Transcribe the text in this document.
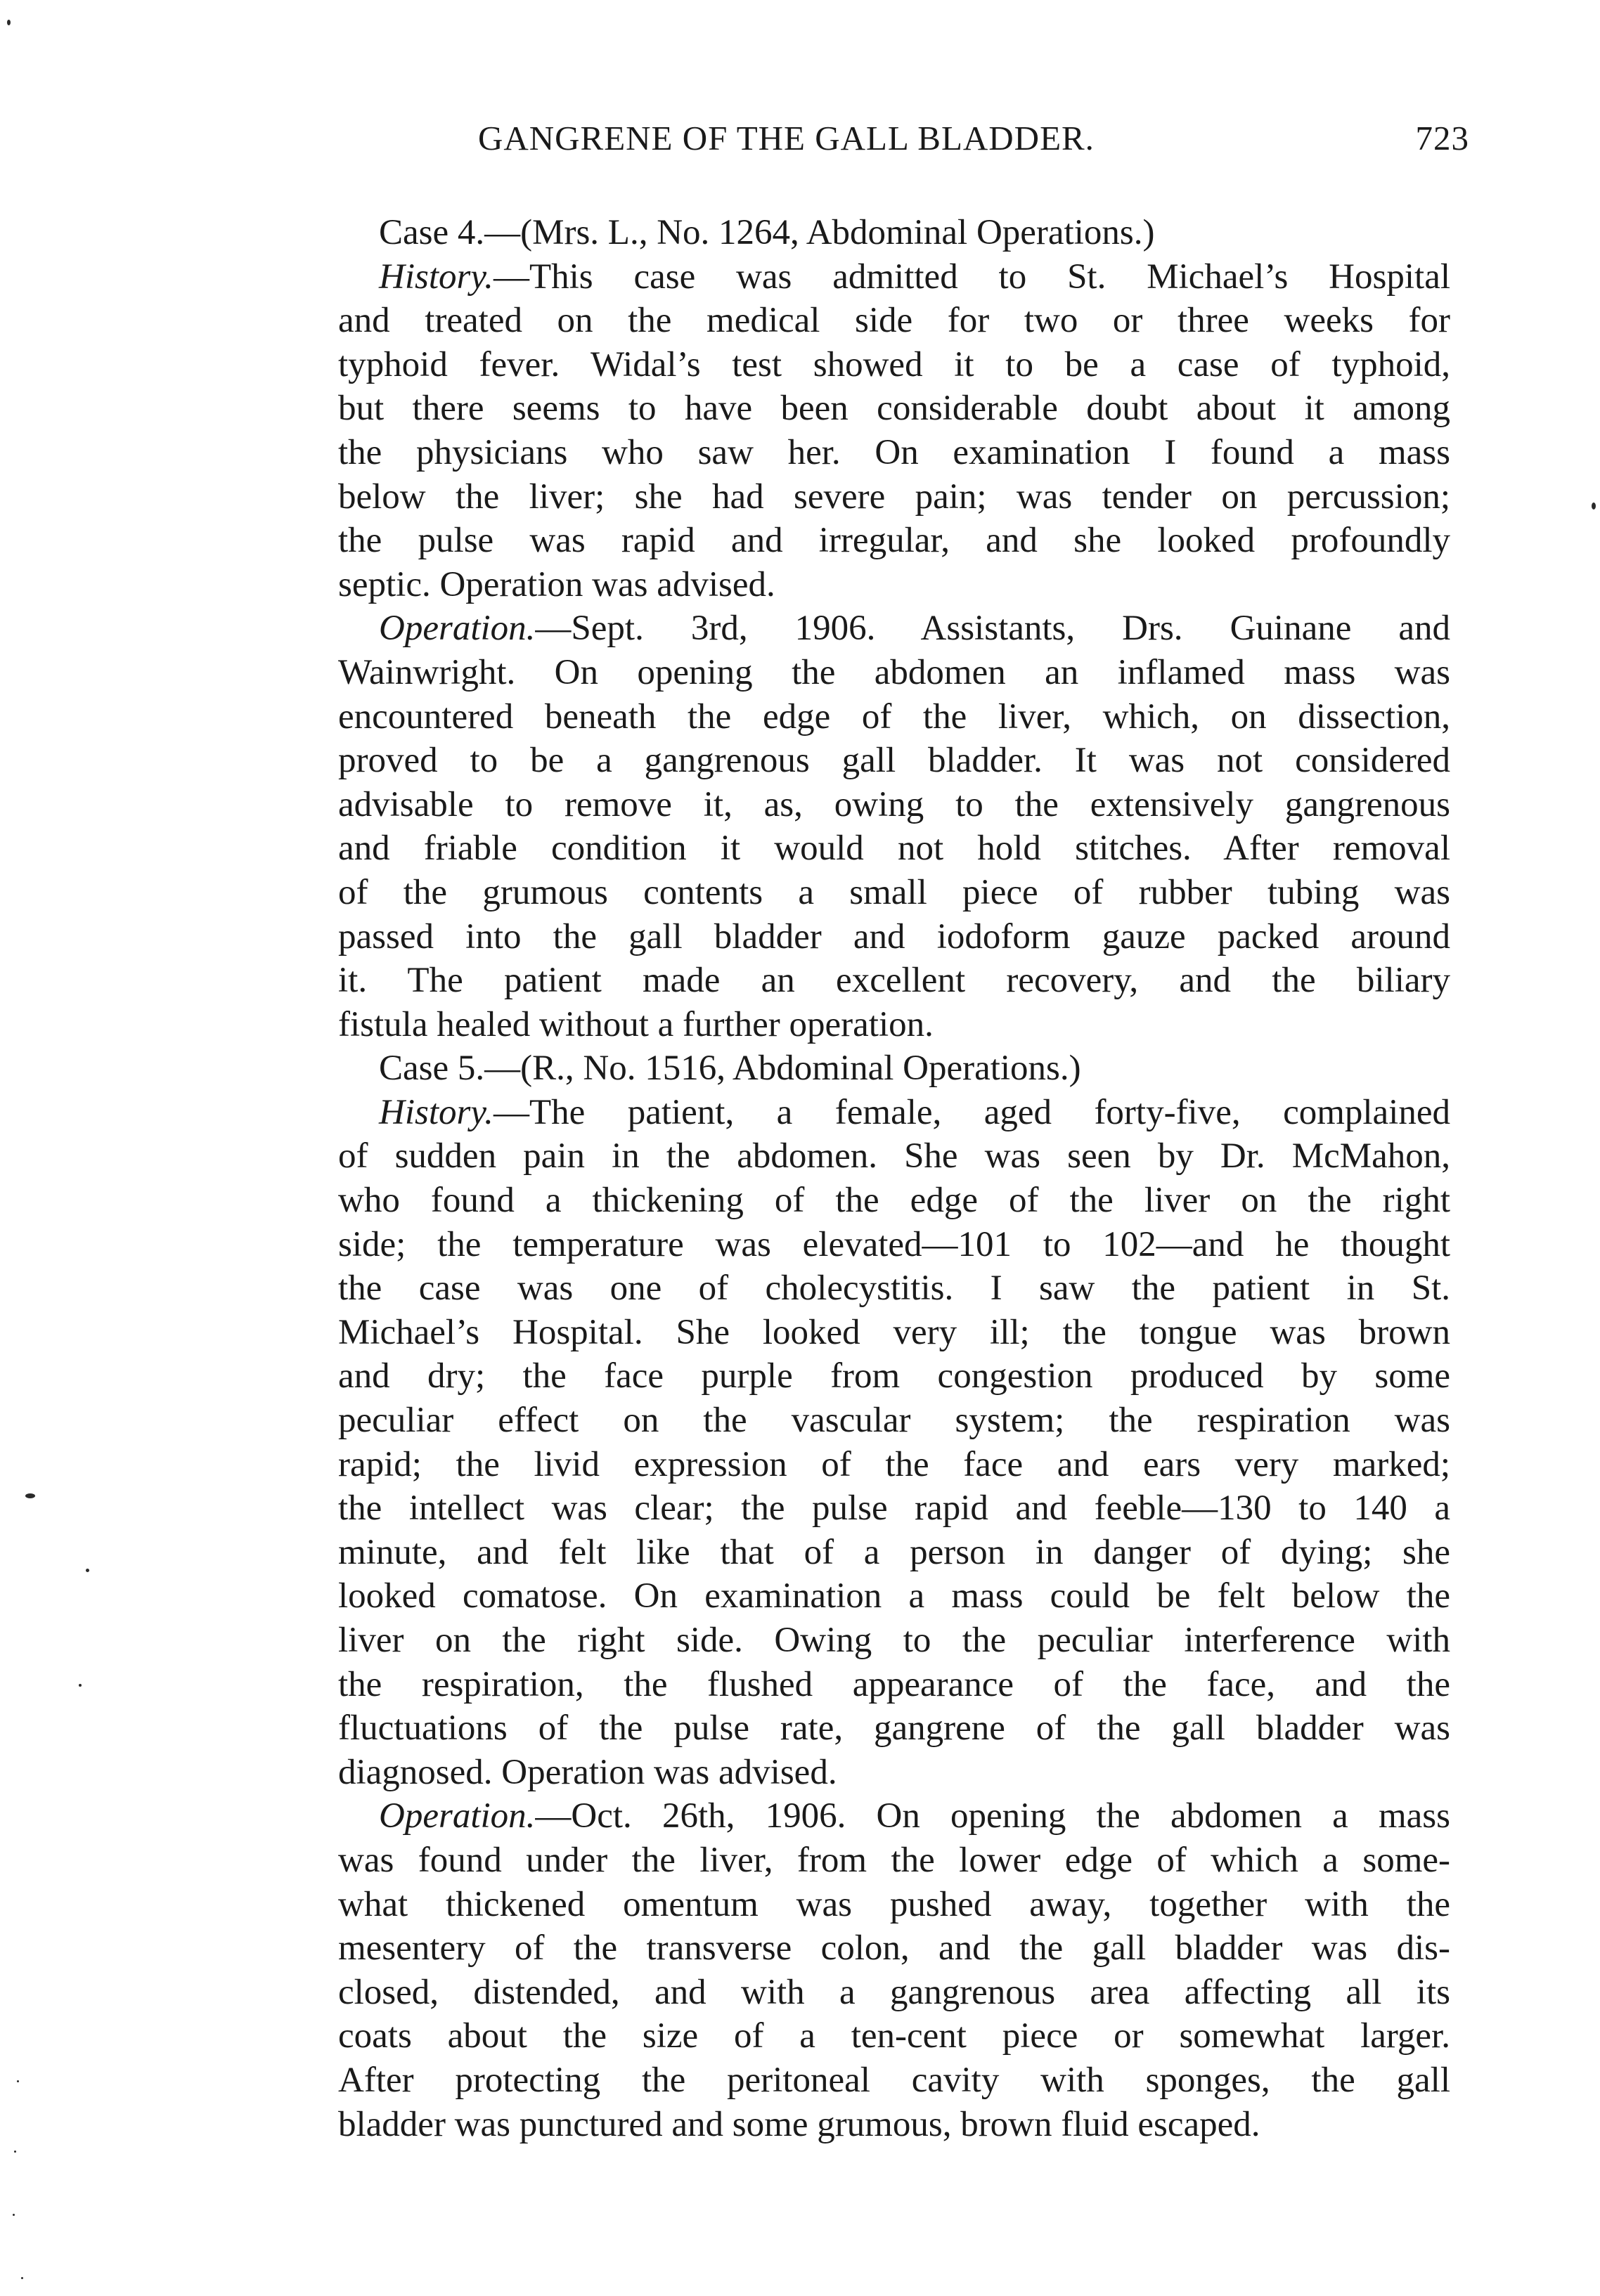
GANGRENE OF THE GALL BLADDER.	723
Case 4.—(Mrs. L., No. 1264, Abdominal Operations.)
History.—This case was admitted to St. Michael’s Hospital
and treated on the medical side for two or three weeks for
typhoid fever. Widal’s test showed it to be a case of typhoid,
but there seems to have been considerable doubt about it among
the physicians who saw her. On examination I found a mass
below the liver; she had severe pain; was tender on percussion;
the pulse was rapid and irregular, and she looked profoundly
septic. Operation was advised.
Operation.—Sept. 3rd, 1906. Assistants, Drs. Guinane and
Wainwright. On opening the abdomen an inflamed mass was
encountered beneath the edge of the liver, which, on dissection,
proved to be a gangrenous gall bladder. It was not considered
advisable to remove it, as, owing to the extensively gangrenous
and friable condition it would not hold stitches. After removal
of the grumous contents a small piece of rubber tubing was
passed into the gall bladder and iodoform gauze packed around
it. The patient made an excellent recovery, and the biliary
fistula healed without a further operation.
Case 5.—(R., No. 1516, Abdominal Operations.)
History.—The patient, a female, aged forty-five, complained
of sudden pain in the abdomen. She was seen by Dr. McMahon,
who found a thickening of the edge of the liver on the right
side; the temperature was elevated—101 to 102—and he thought
the case was one of cholecystitis. I saw the patient in St.
Michael’s Hospital. She looked very ill; the tongue was brown
and dry; the face purple from congestion produced by some
peculiar effect on the vascular system; the respiration was
rapid; the livid expression of the face and ears very marked;
the intellect was clear; the pulse rapid and feeble—130 to 140 a
minute, and felt like that of a person in danger of dying; she
looked comatose. On examination a mass could be felt below the
liver on the right side. Owing to the peculiar interference with
the respiration, the flushed appearance of the face, and the
fluctuations of the pulse rate, gangrene of the gall bladder was
diagnosed. Operation was advised.
Operation.—Oct. 26th, 1906. On opening the abdomen a mass
was found under the liver, from the lower edge of which a some-
what thickened omentum was pushed away, together with the
mesentery of the transverse colon, and the gall bladder was dis-
closed, distended, and with a gangrenous area affecting all its
coats about the size of a ten-cent piece or somewhat larger.
After protecting the peritoneal cavity with sponges, the gall
bladder was punctured and some grumous, brown fluid escaped.
